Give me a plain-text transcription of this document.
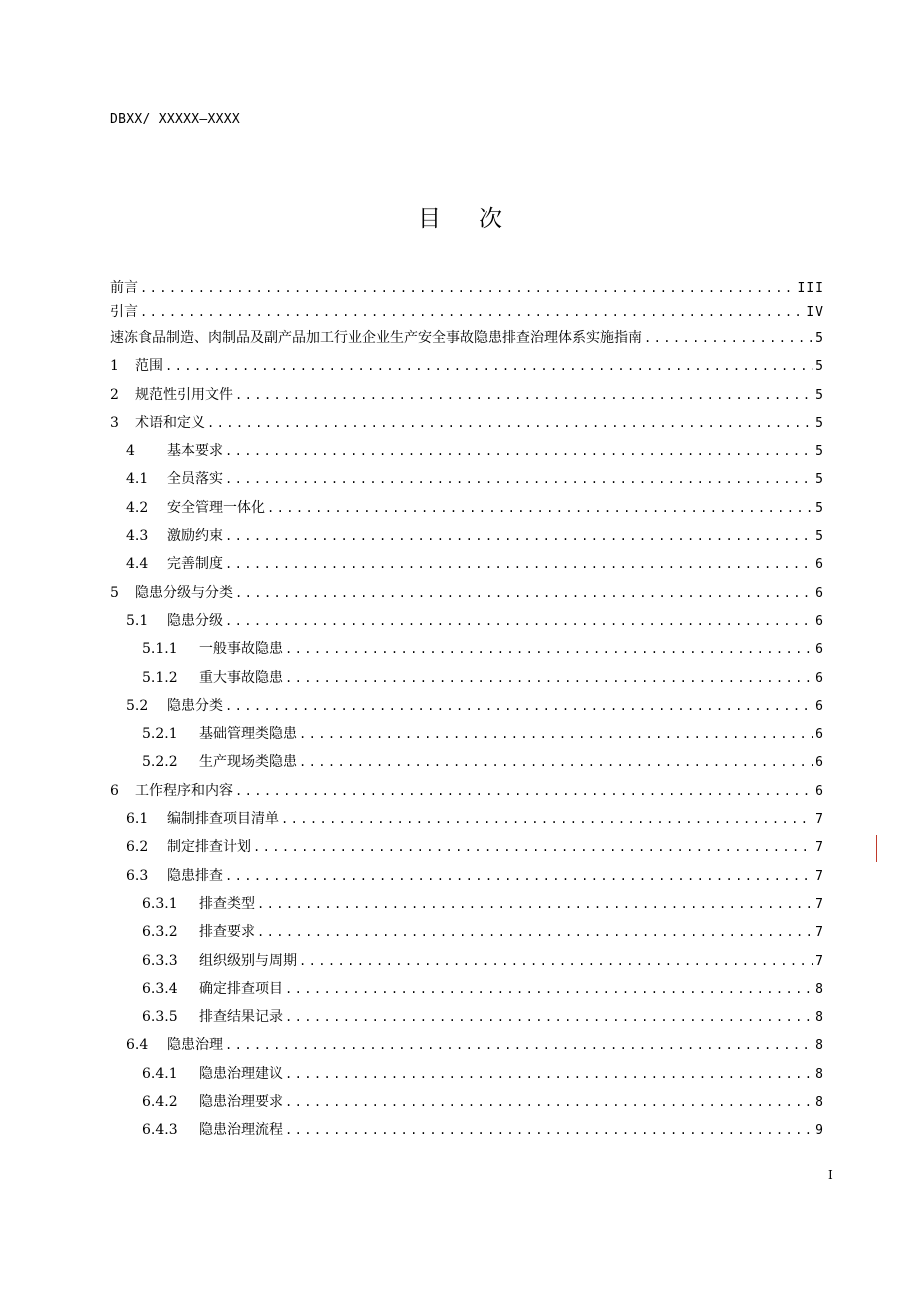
DBXX/ XXXXX—XXXX
目次
前言 .....	III
引言 .....	IV
速冻食品制造、肉制品及副产品加工行业企业生产安全事故隐患排查治理体系实施指南 .....	5
1	范围 .....	5
2	规范性引用文件 .....	5
3	术语和定义 .....	5
4	基本要求 .....	5
4.1	全员落实 .....	5
4.2	安全管理一体化 .....	5
4.3	激励约束 .....	5
4.4	完善制度 .....	6
5	隐患分级与分类 .....	6
5.1	隐患分级 .....	6
5.1.1	一般事故隐患 .....	6
5.1.2	重大事故隐患 .....	6
5.2	隐患分类 .....	6
5.2.1	基础管理类隐患 .....	6
5.2.2	生产现场类隐患 .....	6
6	工作程序和内容 .....	6
6.1	编制排查项目清单 .....	7
6.2	制定排查计划 .....	7
6.3	隐患排查 .....	7
6.3.1	排查类型 .....	7
6.3.2	排查要求 .....	7
6.3.3	组织级别与周期 .....	7
6.3.4	确定排查项目 .....	8
6.3.5	排查结果记录 .....	8
6.4	隐患治理 .....	8
6.4.1	隐患治理建议 .....	8
6.4.2	隐患治理要求 .....	8
6.4.3	隐患治理流程 .....	9
I
